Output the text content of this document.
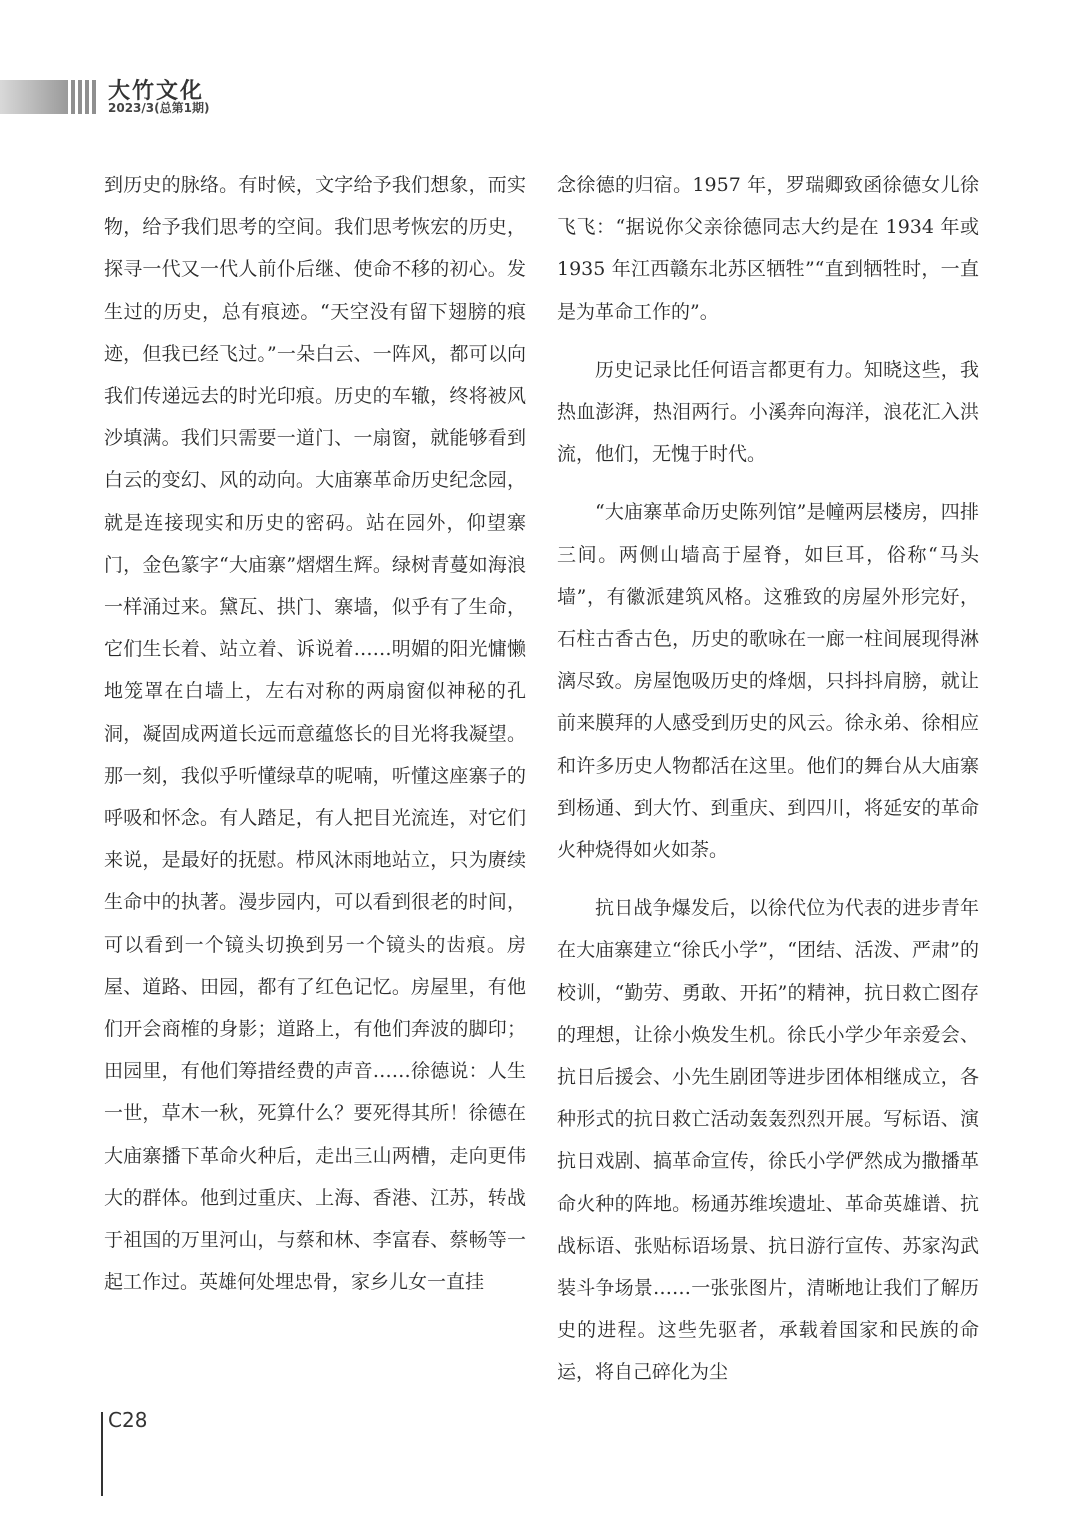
大竹文化
2023/3(总第1期)

到历史的脉络。有时候，文字给予我们想象，而实物，给予我们思考的空间。我们思考恢宏的历史，探寻一代又一代人前仆后继、使命不移的初心。发生过的历史，总有痕迹。“天空没有留下翅膀的痕迹，但我已经飞过。”一朵白云、一阵风，都可以向我们传递远去的时光印痕。历史的车辙，终将被风沙填满。我们只需要一道门、一扇窗，就能够看到白云的变幻、风的动向。大庙寨革命历史纪念园，就是连接现实和历史的密码。站在园外，仰望寨门，金色篆字“大庙寨”熠熠生辉。绿树青蔓如海浪一样涌过来。黛瓦、拱门、寨墙，似乎有了生命，它们生长着、站立着、诉说着……明媚的阳光慵懒地笼罩在白墙上，左右对称的两扇窗似神秘的孔洞，凝固成两道长远而意蕴悠长的目光将我凝望。那一刻，我似乎听懂绿草的呢喃，听懂这座寨子的呼吸和怀念。有人踏足，有人把目光流连，对它们来说，是最好的抚慰。栉风沐雨地站立，只为赓续生命中的执著。漫步园内，可以看到很老的时间，可以看到一个镜头切换到另一个镜头的齿痕。房屋、道路、田园，都有了红色记忆。房屋里，有他们开会商榷的身影；道路上，有他们奔波的脚印；田园里，有他们筹措经费的声音……徐德说：人生一世，草木一秋，死算什么？要死得其所！徐德在大庙寨播下革命火种后，走出三山两槽，走向更伟大的群体。他到过重庆、上海、香港、江苏，转战于祖国的万里河山，与蔡和林、李富春、蔡畅等一起工作过。英雄何处埋忠骨，家乡儿女一直挂

念徐德的归宿。1957 年，罗瑞卿致函徐德女儿徐飞飞：“据说你父亲徐德同志大约是在 1934 年或 1935 年江西赣东北苏区牺牲”“直到牺牲时，一直是为革命工作的”。

历史记录比任何语言都更有力。知晓这些，我热血澎湃，热泪两行。小溪奔向海洋，浪花汇入洪流，他们，无愧于时代。

“大庙寨革命历史陈列馆”是幢两层楼房，四排三间。两侧山墙高于屋脊，如巨耳，俗称“马头墙”，有徽派建筑风格。这雅致的房屋外形完好，石柱古香古色，历史的歌咏在一廊一柱间展现得淋漓尽致。房屋饱吸历史的烽烟，只抖抖肩膀，就让前来膜拜的人感受到历史的风云。徐永弟、徐相应和许多历史人物都活在这里。他们的舞台从大庙寨到杨通、到大竹、到重庆、到四川，将延安的革命火种烧得如火如荼。

抗日战争爆发后，以徐代位为代表的进步青年在大庙寨建立“徐氏小学”，“团结、活泼、严肃”的校训，“勤劳、勇敢、开拓”的精神，抗日救亡图存的理想，让徐小焕发生机。徐氏小学少年亲爱会、抗日后援会、小先生剧团等进步团体相继成立，各种形式的抗日救亡活动轰轰烈烈开展。写标语、演抗日戏剧、搞革命宣传，徐氏小学俨然成为撒播革命火种的阵地。杨通苏维埃遗址、革命英雄谱、抗战标语、张贴标语场景、抗日游行宣传、苏家沟武装斗争场景……一张张图片，清晰地让我们了解历史的进程。这些先驱者，承载着国家和民族的命运，将自己碎化为尘

C28
